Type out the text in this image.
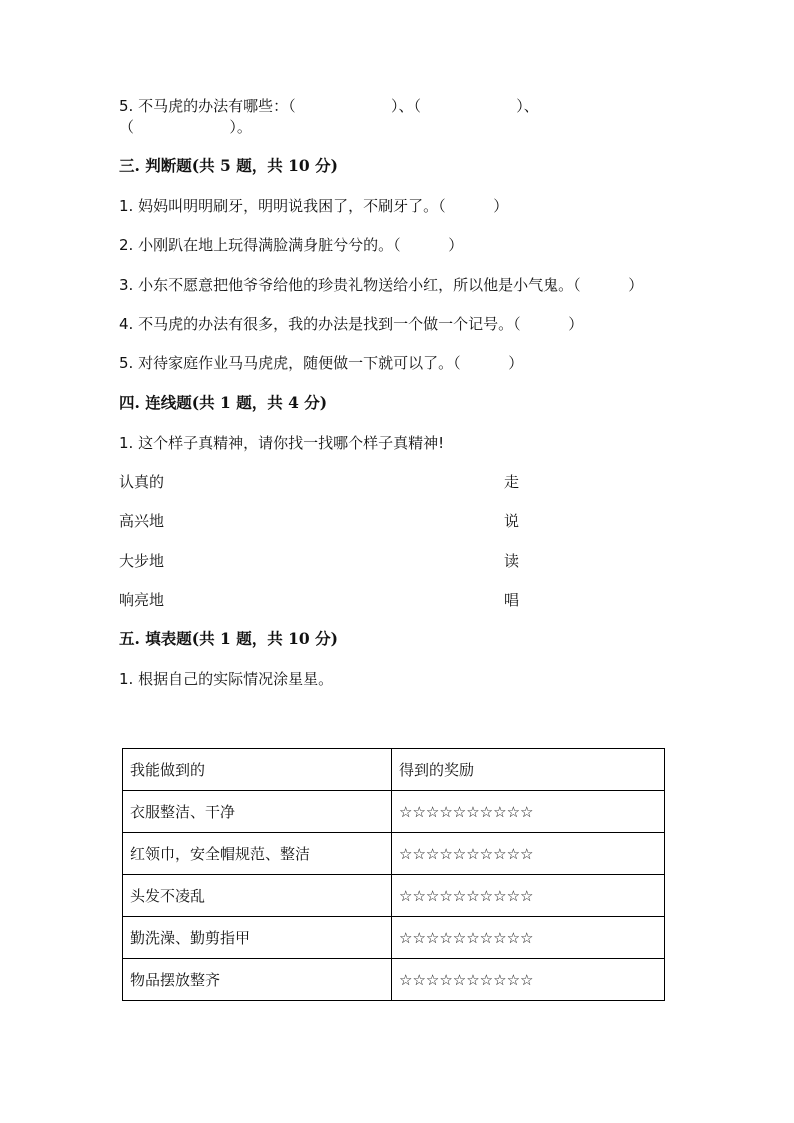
5. 不马虎的办法有哪些：（                    ）、（                    ）、
（                    ）。
三. 判断题(共 5 题，共 10 分)
1. 妈妈叫明明刷牙，明明说我困了，不刷牙了。（          ）
2. 小刚趴在地上玩得满脸满身脏兮兮的。（          ）
3. 小东不愿意把他爷爷给他的珍贵礼物送给小红，所以他是小气鬼。（          ）
4. 不马虎的办法有很多，我的办法是找到一个做一个记号。（          ）
5. 对待家庭作业马马虎虎，随便做一下就可以了。（          ）
四. 连线题(共 1 题，共 4 分)
1. 这个样子真精神，请你找一找哪个样子真精神!
认真的	走
高兴地	说
大步地	读
响亮地	唱
五. 填表题(共 1 题，共 10 分)
1. 根据自己的实际情况涂星星。
我能做到的	得到的奖励
衣服整洁、干净	☆☆☆☆☆☆☆☆☆☆
红领巾，安全帽规范、整洁	☆☆☆☆☆☆☆☆☆☆
头发不凌乱	☆☆☆☆☆☆☆☆☆☆
勤洗澡、勤剪指甲	☆☆☆☆☆☆☆☆☆☆
物品摆放整齐	☆☆☆☆☆☆☆☆☆☆
